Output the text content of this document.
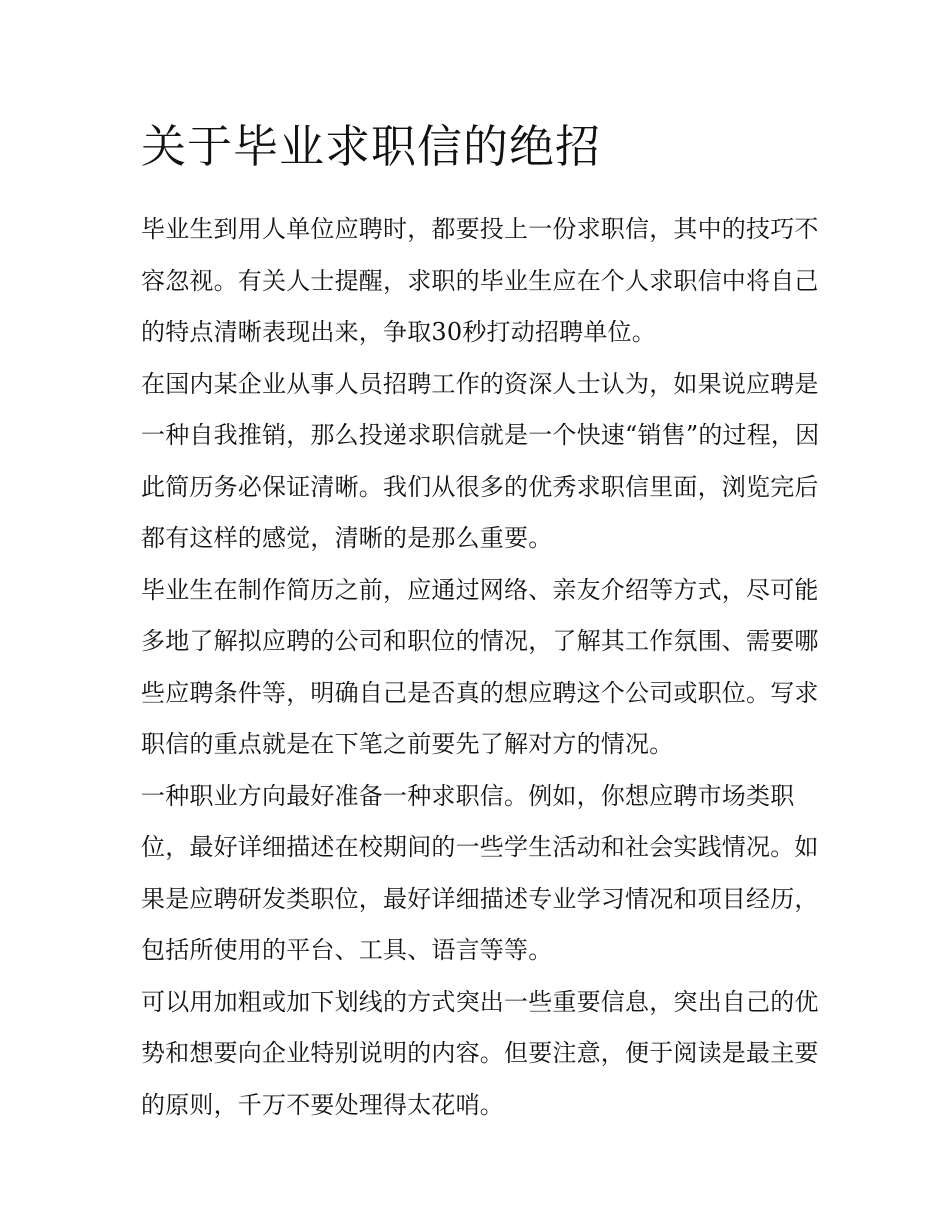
关于毕业求职信的绝招

毕业生到用人单位应聘时，都要投上一份求职信，其中的技巧不容忽视。有关人士提醒，求职的毕业生应在个人求职信中将自己的特点清晰表现出来，争取30秒打动招聘单位。

在国内某企业从事人员招聘工作的资深人士认为，如果说应聘是一种自我推销，那么投递求职信就是一个快速“销售”的过程，因此简历务必保证清晰。我们从很多的优秀求职信里面，浏览完后都有这样的感觉，清晰的是那么重要。

毕业生在制作简历之前，应通过网络、亲友介绍等方式，尽可能多地了解拟应聘的公司和职位的情况，了解其工作氛围、需要哪些应聘条件等，明确自己是否真的想应聘这个公司或职位。写求职信的重点就是在下笔之前要先了解对方的情况。

一种职业方向最好准备一种求职信。例如，你想应聘市场类职位，最好详细描述在校期间的一些学生活动和社会实践情况。如果是应聘研发类职位，最好详细描述专业学习情况和项目经历，包括所使用的平台、工具、语言等等。

可以用加粗或加下划线的方式突出一些重要信息，突出自己的优势和想要向企业特别说明的内容。但要注意，便于阅读是最主要的原则，千万不要处理得太花哨。
